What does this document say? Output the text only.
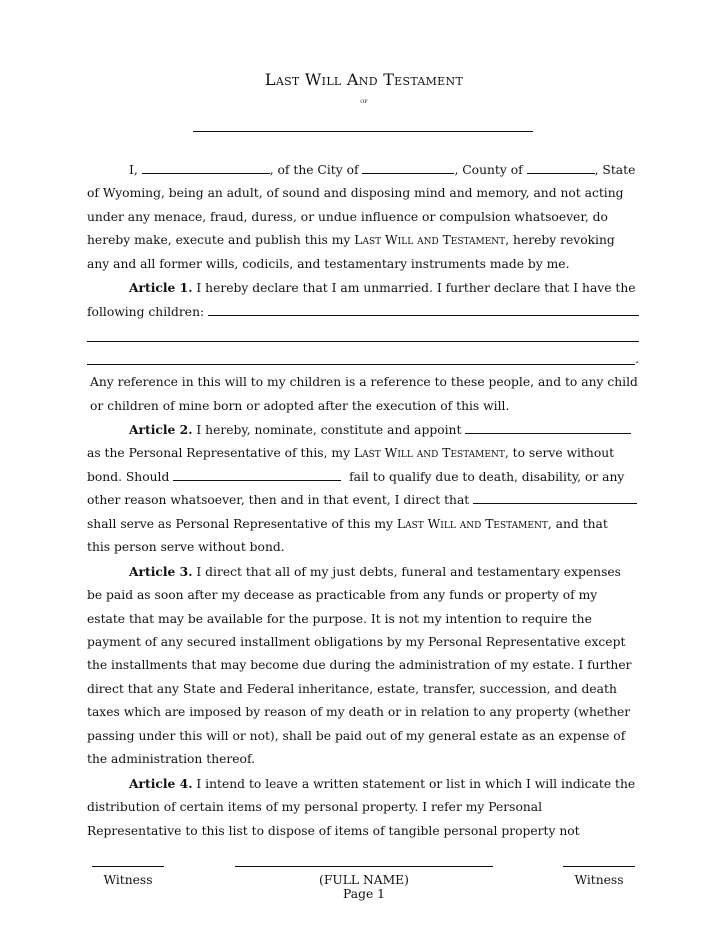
Last Will And Testament
of

I,	, of the City of	, County of	, State of Wyoming, being an adult, of sound and disposing mind and memory, and not acting under any menace, fraud, duress, or undue influence or compulsion whatsoever, do hereby make, execute and publish this my Last Will and Testament, hereby revoking any and all former wills, codicils, and testamentary instruments made by me.

Article 1. I hereby declare that I am unmarried. I further declare that I have the

following children:
.

Any reference in this will to my children is a reference to these people, and to any child or children of mine born or adopted after the execution of this will.

Article 2. I hereby, nominate, constitute and appoint

as the Personal Representative of this, my Last Will and Testament, to serve without

bond. Should	fail to qualify due to death, disability, or any

other reason whatsoever, then and in that event, I direct that

shall serve as Personal Representative of this my Last Will and Testament, and that

this person serve without bond.

Article 3. I direct that all of my just debts, funeral and testamentary expenses be paid as soon after my decease as practicable from any funds or property of my estate that may be available for the purpose. It is not my intention to require the payment of any secured installment obligations by my Personal Representative except the installments that may become due during the administration of my estate. I further direct that any State and Federal inheritance, estate, transfer, succession, and death taxes which are imposed by reason of my death or in relation to any property (whether passing under this will or not), shall be paid out of my general estate as an expense of the administration thereof.

Article 4. I intend to leave a written statement or list in which I will indicate the distribution of certain items of my personal property. I refer my Personal Representative to this list to dispose of items of tangible personal property not

Witness	(FULL NAME)	Witness
Page 1
